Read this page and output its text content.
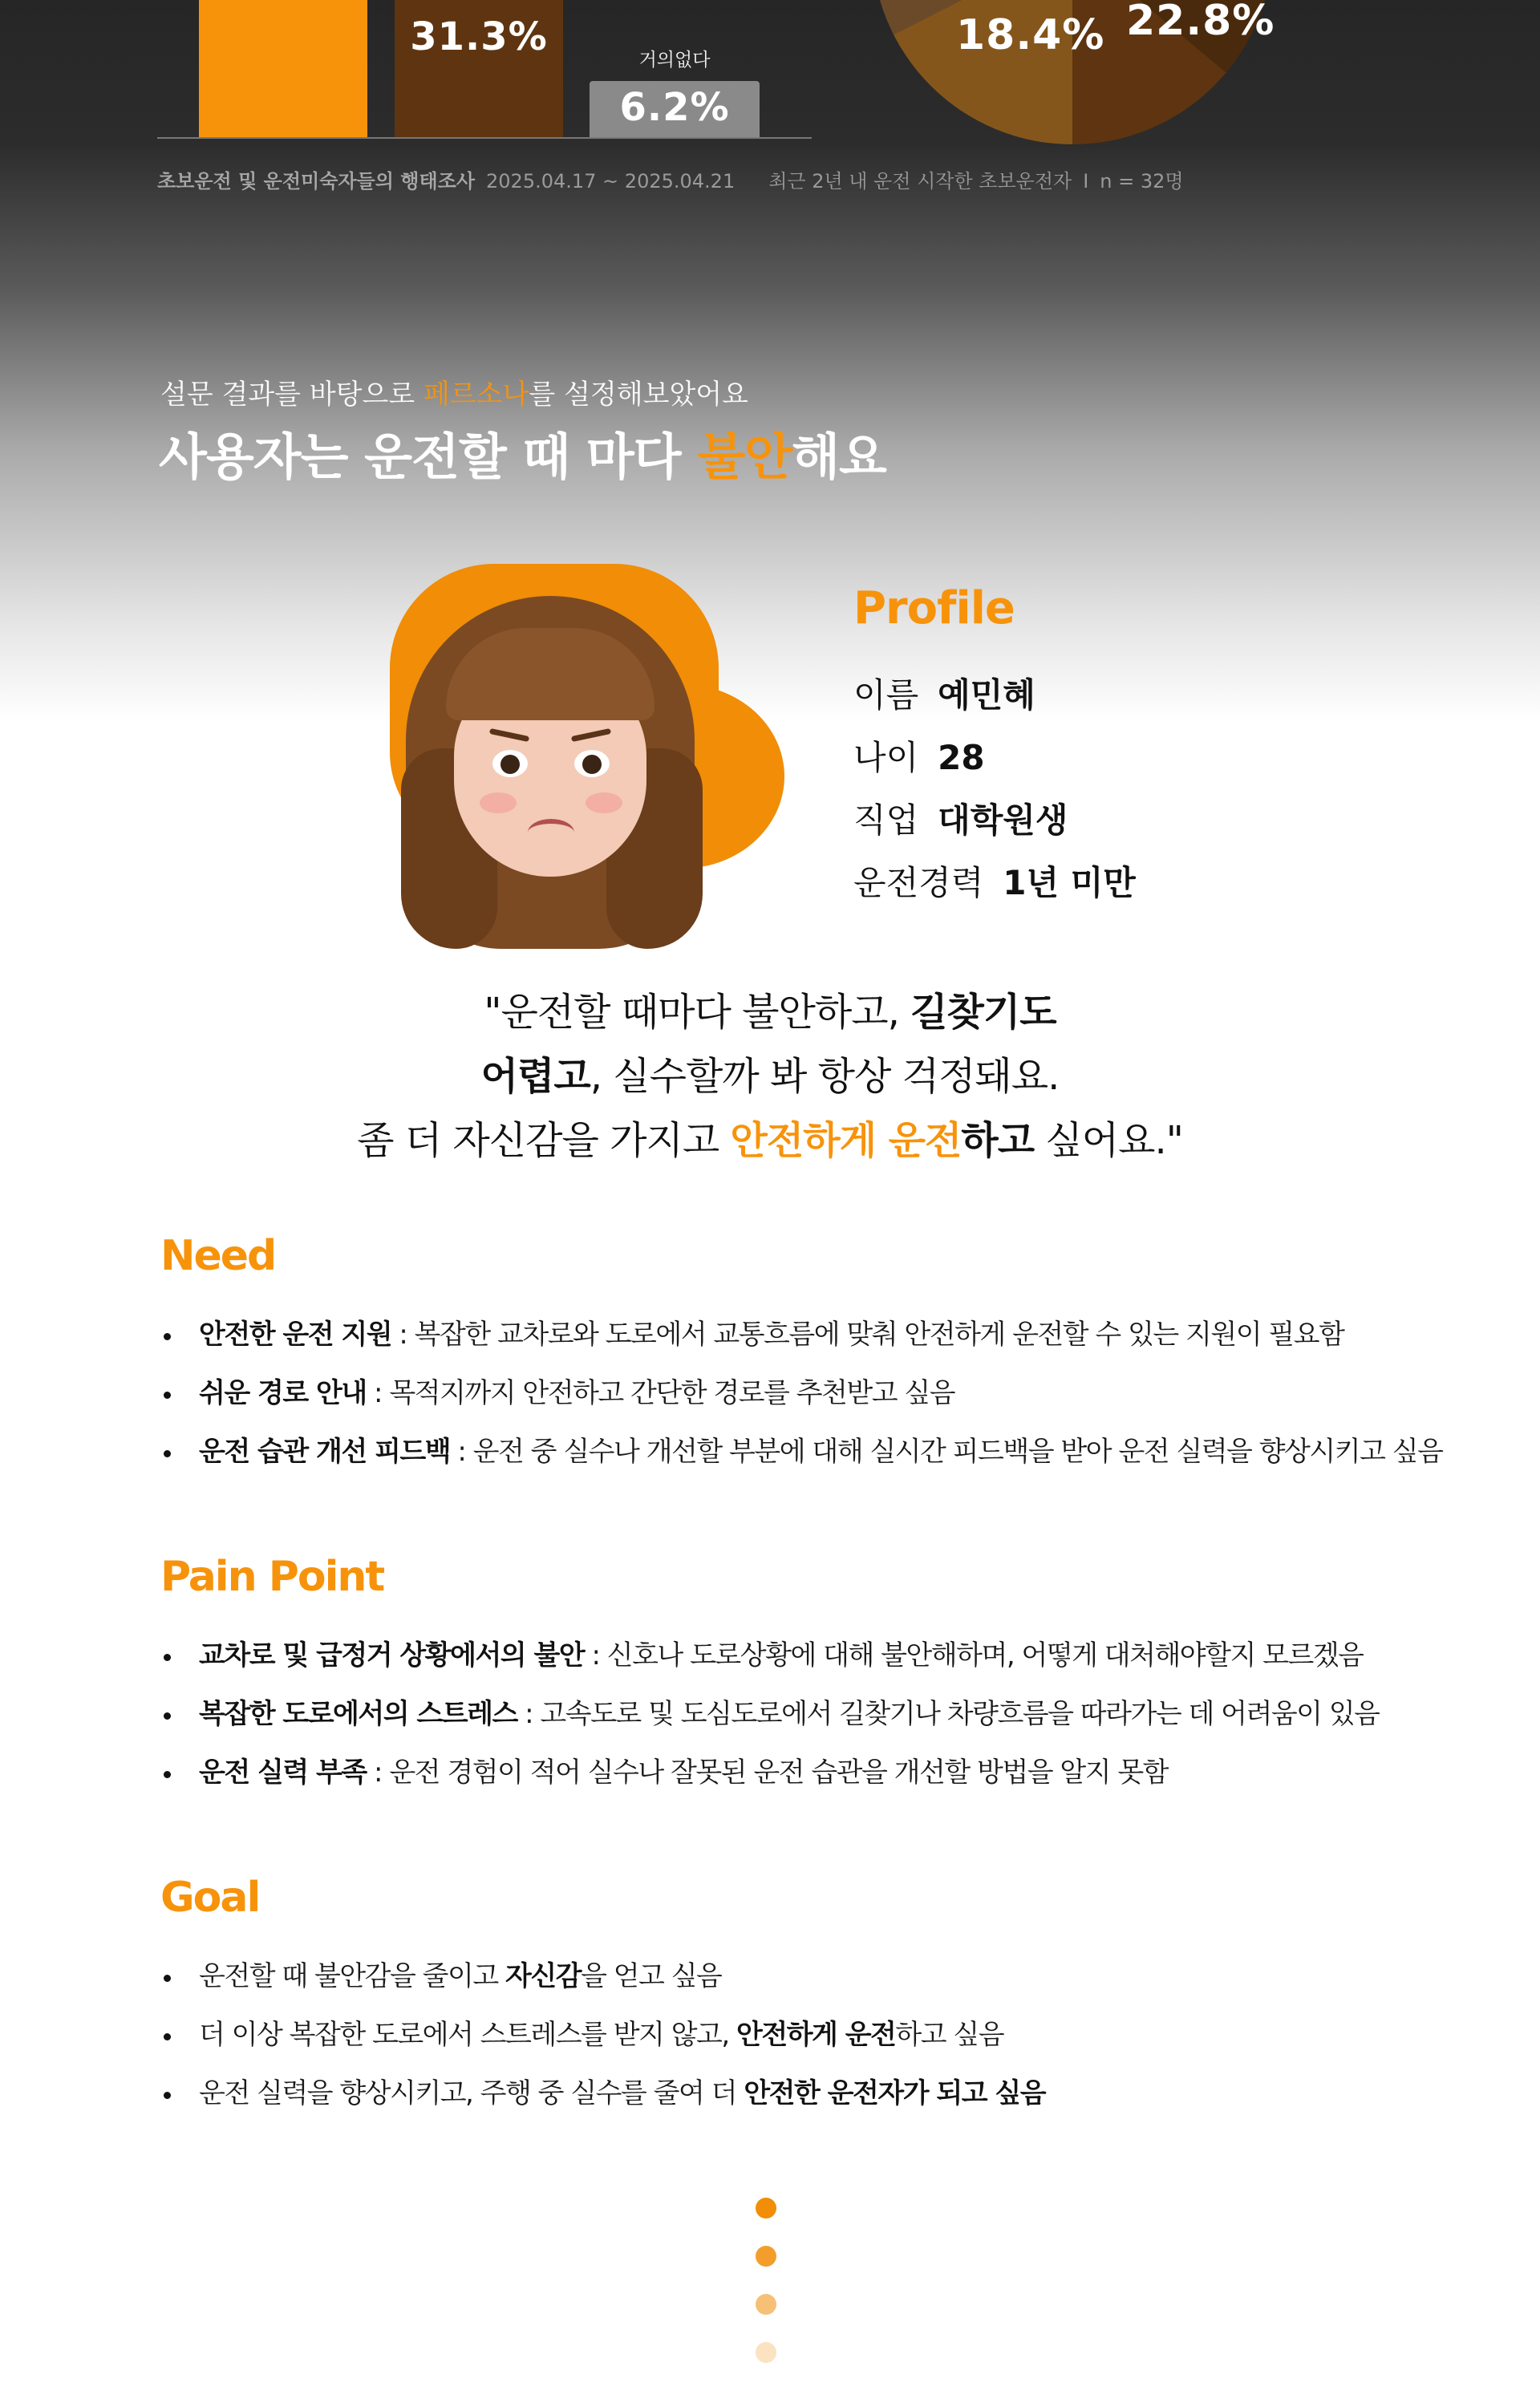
31.3%
거의없다
6.2%
18.4% 22.8%
초보운전 및 운전미숙자들의 행태조사 2025.04.17 ~ 2025.04.21 최근 2년 내 운전 시작한 초보운전자 I n = 32명
설문 결과를 바탕으로 페르소나를 설정해보았어요
사용자는 운전할 때 마다 불안해요
Profile
이름 예민혜
나이 28
직업 대학원생
운전경력 1년 미만
"운전할 때마다 불안하고, 길찾기도
어렵고, 실수할까 봐 항상 걱정돼요.
좀 더 자신감을 가지고 안전하게 운전하고 싶어요."
Need
안전한 운전 지원 : 복잡한 교차로와 도로에서 교통흐름에 맞춰 안전하게 운전할 수 있는 지원이 필요함
쉬운 경로 안내 : 목적지까지 안전하고 간단한 경로를 추천받고 싶음
운전 습관 개선 피드백 : 운전 중 실수나 개선할 부분에 대해 실시간 피드백을 받아 운전 실력을 향상시키고 싶음
Pain Point
교차로 및 급정거 상황에서의 불안 : 신호나 도로상황에 대해 불안해하며, 어떻게 대처해야할지 모르겠음
복잡한 도로에서의 스트레스 : 고속도로 및 도심도로에서 길찾기나 차량흐름을 따라가는 데 어려움이 있음
운전 실력 부족 : 운전 경험이 적어 실수나 잘못된 운전 습관을 개선할 방법을 알지 못함
Goal
운전할 때 불안감을 줄이고 자신감을 얻고 싶음
더 이상 복잡한 도로에서 스트레스를 받지 않고, 안전하게 운전하고 싶음
운전 실력을 향상시키고, 주행 중 실수를 줄여 더 안전한 운전자가 되고 싶음
